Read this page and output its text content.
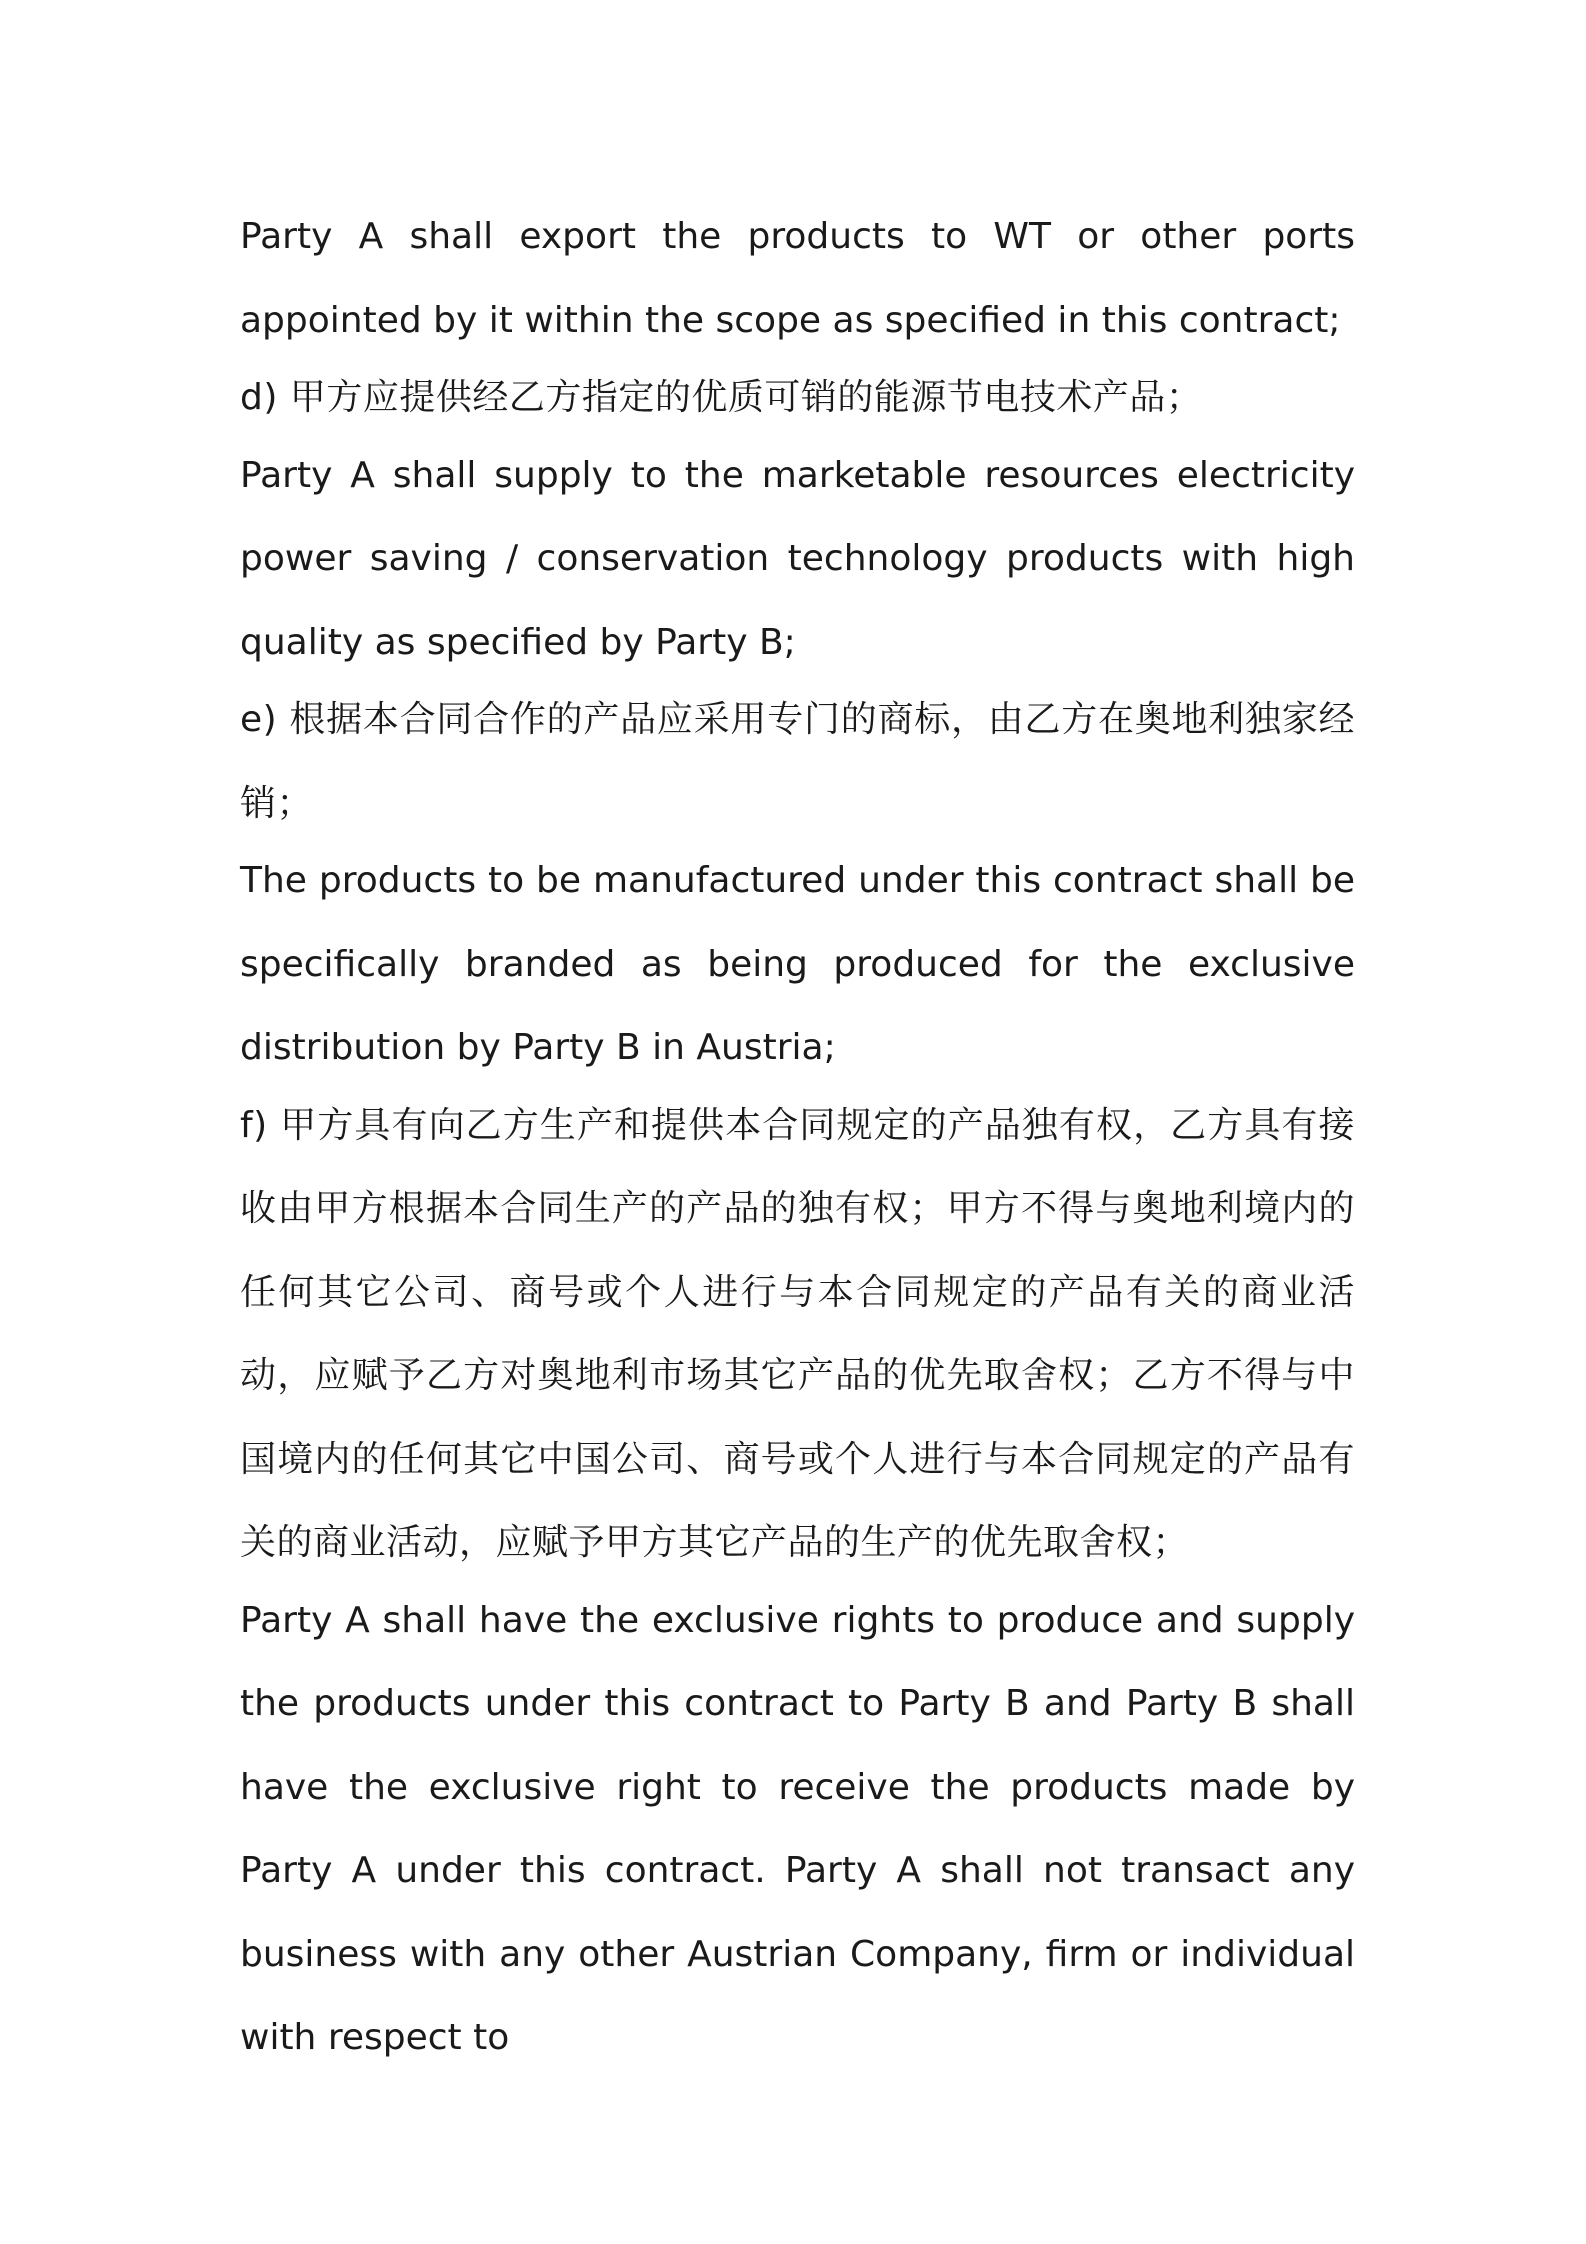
Party A shall export the products to WT or other ports appointed by it within the scope as specified in this contract;

d) 甲方应提供经乙方指定的优质可销的能源节电技术产品；

Party A shall supply to the marketable resources electricity power saving / conservation technology products with high quality as specified by Party B;

e) 根据本合同合作的产品应采用专门的商标，由乙方在奥地利独家经销；

The products to be manufactured under this contract shall be specifically branded as being produced for the exclusive distribution by Party B in Austria;

f) 甲方具有向乙方生产和提供本合同规定的产品独有权，乙方具有接收由甲方根据本合同生产的产品的独有权；甲方不得与奥地利境内的任何其它公司、商号或个人进行与本合同规定的产品有关的商业活动，应赋予乙方对奥地利市场其它产品的优先取舍权；乙方不得与中国境内的任何其它中国公司、商号或个人进行与本合同规定的产品有关的商业活动，应赋予甲方其它产品的生产的优先取舍权；

Party A shall have the exclusive rights to produce and supply the products under this contract to Party B and Party B shall have the exclusive right to receive the products made by Party A under this contract. Party A shall not transact any business with any other Austrian Company, firm or individual with respect to
